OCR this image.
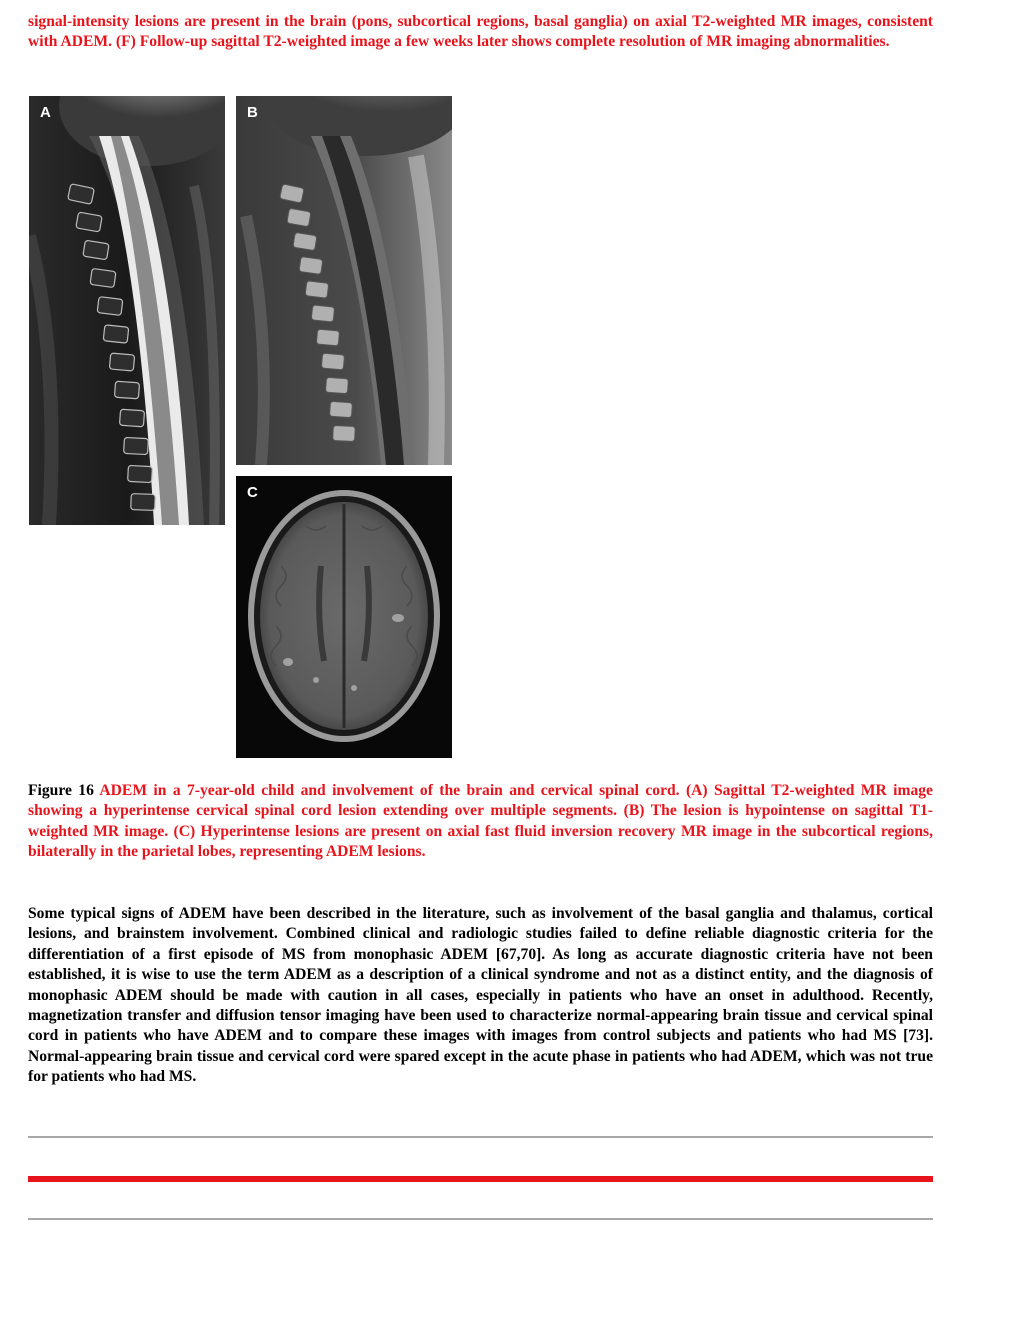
signal-intensity lesions are present in the brain (pons, subcortical regions, basal ganglia) on axial T2-weighted MR images, consistent with ADEM. (F) Follow-up sagittal T2-weighted image a few weeks later shows complete resolution of MR imaging abnormalities.

A	B
C

Figure 16 ADEM in a 7-year-old child and involvement of the brain and cervical spinal cord. (A) Sagittal T2-weighted MR image showing a hyperintense cervical spinal cord lesion extending over multiple segments. (B) The lesion is hypointense on sagittal T1-weighted MR image. (C) Hyperintense lesions are present on axial fast fluid inversion recovery MR image in the subcortical regions, bilaterally in the parietal lobes, representing ADEM lesions.

Some typical signs of ADEM have been described in the literature, such as involvement of the basal ganglia and thalamus, cortical lesions, and brainstem involvement. Combined clinical and radiologic studies failed to define reliable diagnostic criteria for the differentiation of a first episode of MS from monophasic ADEM [67,70]. As long as accurate diagnostic criteria have not been established, it is wise to use the term ADEM as a description of a clinical syndrome and not as a distinct entity, and the diagnosis of monophasic ADEM should be made with caution in all cases, especially in patients who have an onset in adulthood. Recently, magnetization transfer and diffusion tensor imaging have been used to characterize normal-appearing brain tissue and cervical spinal cord in patients who have ADEM and to compare these images with images from control subjects and patients who had MS [73]. Normal-appearing brain tissue and cervical cord were spared except in the acute phase in patients who had ADEM, which was not true for patients who had MS.
